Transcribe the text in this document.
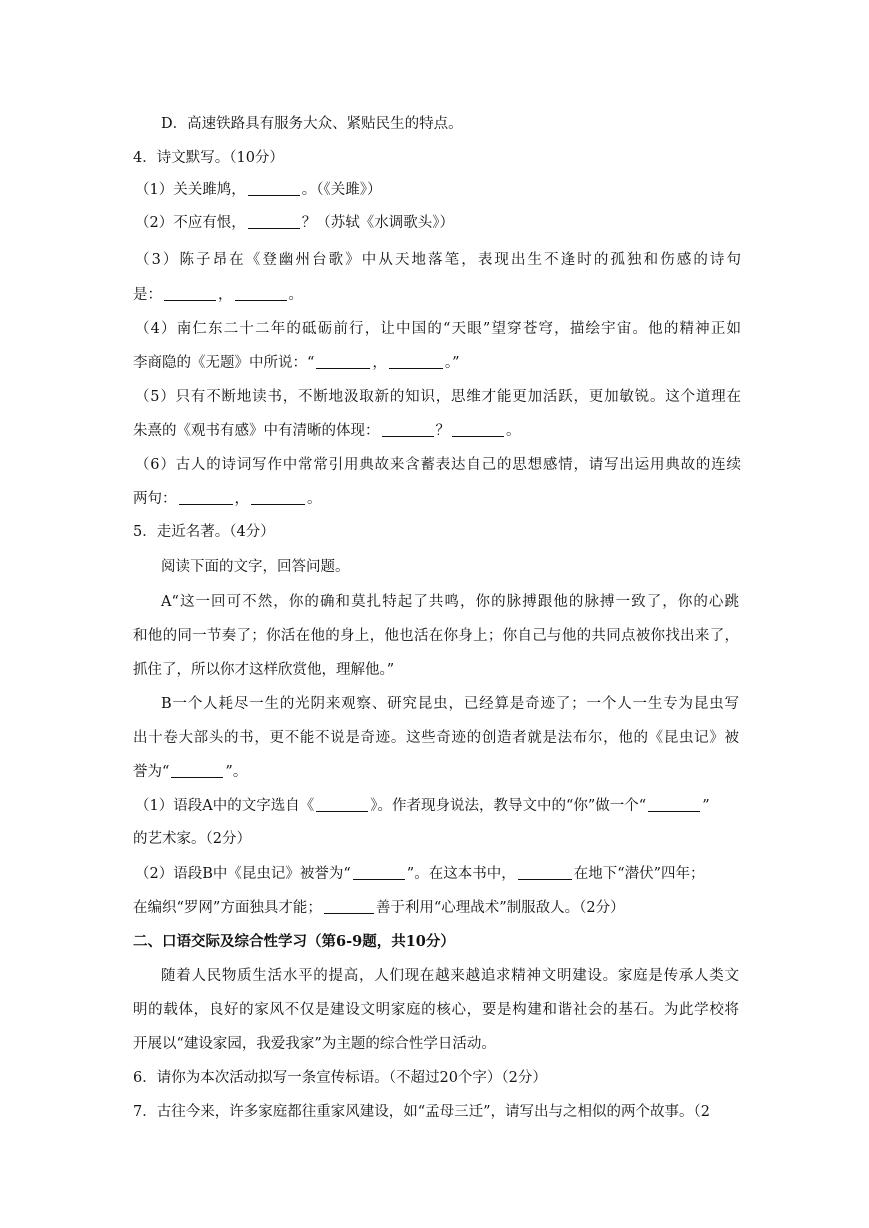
D．高速铁路具有服务大众、紧贴民生的特点。
4．诗文默写。（10分）
（1）关关雎鸠，	。（《关雎》）
（2）不应有恨，	？（苏轼《水调歌头》）
（3）陈子昂在《登幽州台歌》中从天地落笔，表现出生不逢时的孤独和伤感的诗句
是：	，	。
（4）南仁东二十二年的砥砺前行，让中国的“天眼”望穿苍穹，描绘宇宙。他的精神正如
李商隐的《无题》中所说：“	，	。”
（5）只有不断地读书，不断地汲取新的知识，思维才能更加活跃，更加敏锐。这个道理在
朱熹的《观书有感》中有清晰的体现：	？	。
（6）古人的诗词写作中常常引用典故来含蓄表达自己的思想感情，请写出运用典故的连续
两句：	，	。
5．走近名著。（4分）
阅读下面的文字，回答问题。
A“这一回可不然，你的确和莫扎特起了共鸣，你的脉搏跟他的脉搏一致了，你的心跳
和他的同一节奏了；你活在他的身上，他也活在你身上；你自己与他的共同点被你找出来了，
抓住了，所以你才这样欣赏他，理解他。”
B一个人耗尽一生的光阴来观察、研究昆虫，已经算是奇迹了；一个人一生专为昆虫写
出十卷大部头的书，更不能不说是奇迹。这些奇迹的创造者就是法布尔，他的《昆虫记》被
誉为“	”。
（1）语段A中的文字选自《	》。作者现身说法，教导文中的“你”做一个“	”
的艺术家。（2分）
（2）语段B中《昆虫记》被誉为“	”。在这本书中，	在地下“潜伏”四年；
在编织“罗网”方面独具才能；	善于利用“心理战术”制服敌人。（2分）
二、口语交际及综合性学习（第6-9题，共10分）
随着人民物质生活水平的提高，人们现在越来越追求精神文明建设。家庭是传承人类文
明的载体，良好的家风不仅是建设文明家庭的核心，要是构建和谐社会的基石。为此学校将
开展以“建设家园，我爱我家”为主题的综合性学日活动。
6．请你为本次活动拟写一条宣传标语。（不超过20个字）（2分）
7．古往今来，许多家庭都往重家风建设，如“孟母三迁”，请写出与之相似的两个故事。（2
